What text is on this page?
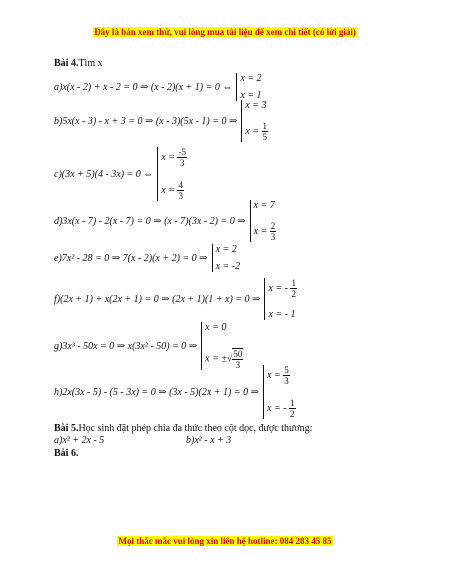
Đây là bản xem thử, vui lòng mua tài liệu để xem chi tiết (có lời giải)
Bài 4.Tìm x
a)x(x - 2) + x - 2 = 0 ⇒ (x - 2)(x + 1) = 0 ⇔
x = 2
x = 1
b)5x(x - 3) - x + 3 = 0 ⇒ (x - 3)(5x - 1) = 0 ⇒
x = 3
$x = \frac{1}{5}$
c)(3x + 5)(4 - 3x) = 0 ⇔
$x = \frac{-5}{3}$
$x = \frac{4}{3}$
d)3x(x - 7) - 2(x - 7) = 0 ⇒ (x - 7)(3x - 2) = 0 ⇒
x = 7
$x = \frac{2}{3}$
e)7x² - 28 = 0 ⇒ 7(x - 2)(x + 2) = 0 ⇒
x = 2
x = -2
f)(2x + 1) + x(2x + 1) = 0 ⇒ (2x + 1)(1 + x) = 0 ⇒
x = - $\frac{1}{2}$
x = - 1
g)3x³ - 50x = 0 ⇒ x(3x² - 50) = 0 ⇒
x = 0
x = ±√ $\frac{50}{3}$
h)2x(3x - 5) - (5 - 3x) = 0 ⇒ (3x - 5)(2x + 1) = 0 ⇒
$x = \frac{5}{3}$
x = - $\frac{1}{2}$
Bài 5.Học sinh đặt phép chia đa thức theo cột dọc, được thương:
a)x² + 2x - 5	b)x² - x + 3
Bài 6.
Mọi thắc mắc vui lòng xin liên hệ hotline: 084 283 45 85
